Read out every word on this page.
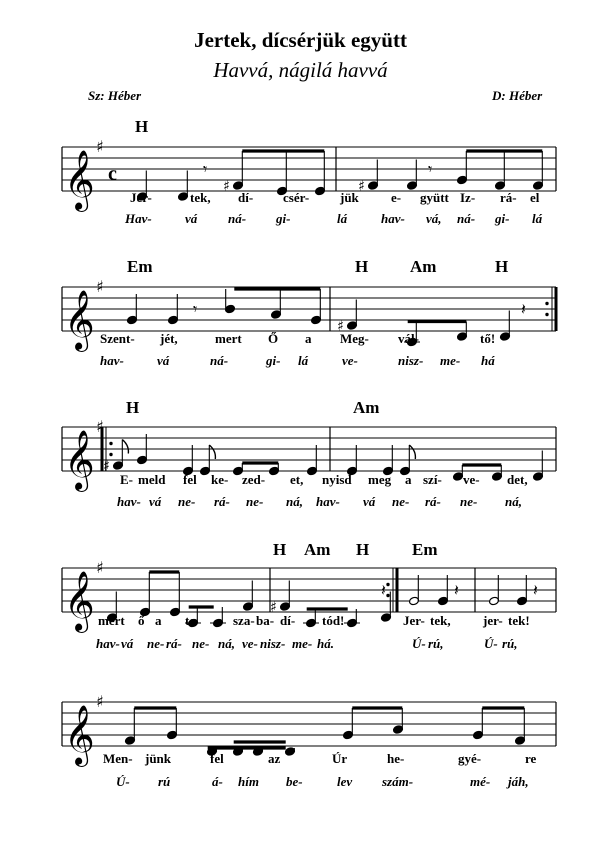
Jertek, dícsérjük együtt
Havvá, nágilá havvá
Sz: Héber	D: Héber
H
𝄞
♯
c	𝄾
♯	♯
𝄾
Jer-	tek, dí- csér- jük e- gyütt Iz- rá- el
Hav-	vá ná- gi-	lá	hav- vá, ná- gi- lá
Em	H Am	H
𝄞
♯
𝄾
♯
𝄽
Szent- jét,	mert Ő a Meg- vál-	tő!
hav-	vá	ná-	gi- lá	ve-	nisz- me- há
H	Am
𝄞
♯
♯
E- meld fel ke- zed- et, nyisd meg a szí- ve- det,
hav- vá ne- rá- ne- ná, hav- vá ne- rá- ne- ná,
H Am H	Em
𝄞
♯
♯
𝄽	𝄽	𝄽
mert ő a te	sza- ba- dí- tód!	Jer- tek, jer- tek!
hav- vá ne- rá- ne- ná, ve- nisz- me- há.	Ú- rú,	Ú- rú,
𝄞
♯
Men- jünk	fel	az	Úr	he-	gyé-	re
Ú- rú	á- hím be-	lev szám-	mé- jáh,
